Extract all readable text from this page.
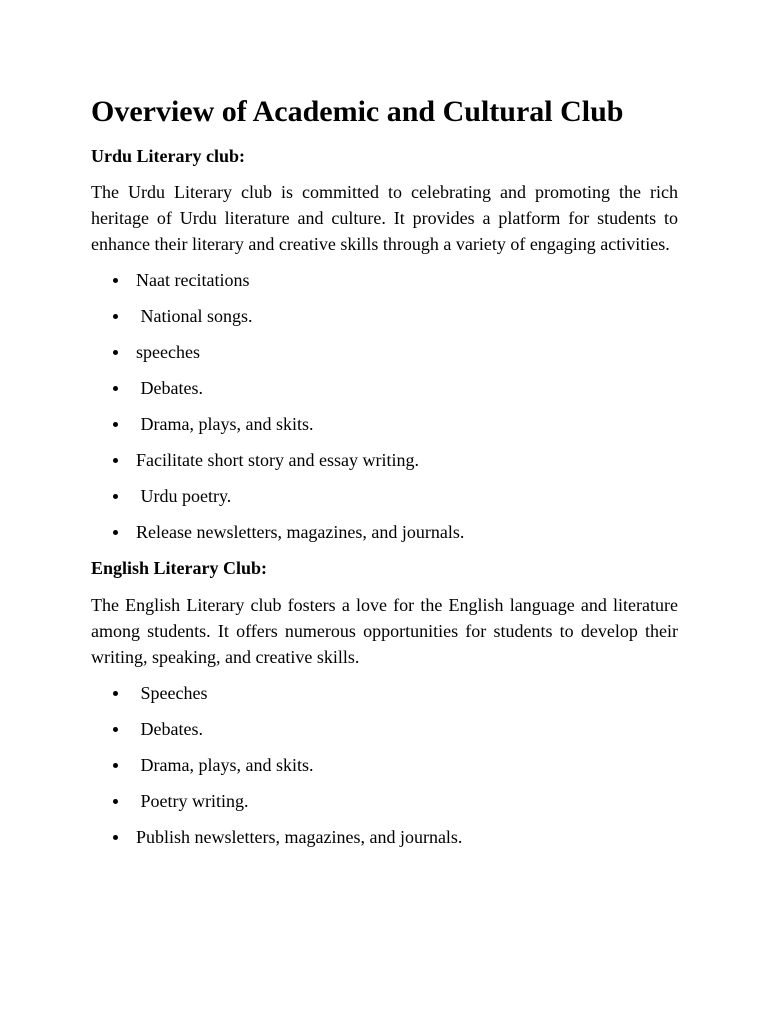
Overview of Academic and Cultural Club

Urdu Literary club:

The Urdu Literary club is committed to celebrating and promoting the rich heritage of Urdu literature and culture. It provides a platform for students to enhance their literary and creative skills through a variety of engaging activities.

Naat recitations
National songs.
speeches
Debates.
Drama, plays, and skits.
Facilitate short story and essay writing.
Urdu poetry.
Release newsletters, magazines, and journals.

English Literary Club:

The English Literary club fosters a love for the English language and literature among students. It offers numerous opportunities for students to develop their writing, speaking, and creative skills.

Speeches
Debates.
Drama, plays, and skits.
Poetry writing.
Publish newsletters, magazines, and journals.
